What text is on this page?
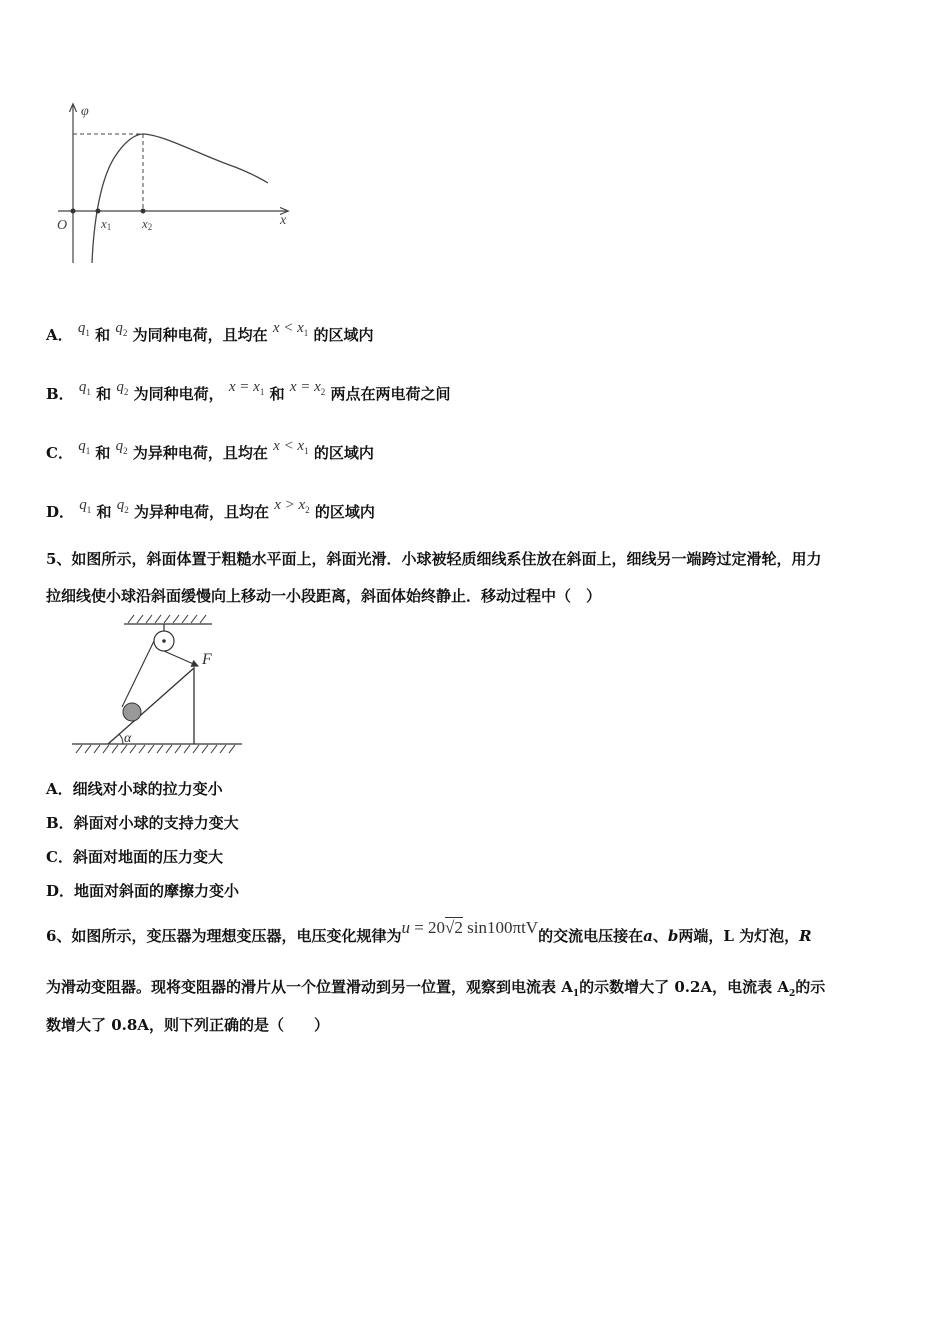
φ
O	x
x1 x2
A． $q_1$ 和 $q_2$ 为同种电荷，且均在 $x < x_1$ 的区域内
B． $q_1$ 和 $q_2$ 为同种电荷， $x = x_1$ 和 $x = x_2$ 两点在两电荷之间
C． $q_1$ 和 $q_2$ 为异种电荷，且均在 $x < x_1$ 的区域内
D． $q_1$ 和 $q_2$ 为异种电荷，且均在 $x > x_2$ 的区域内
5、如图所示，斜面体置于粗糙水平面上，斜面光滑．小球被轻质细线系住放在斜面上，细线另一端跨过定滑轮，用力
拉细线使小球沿斜面缓慢向上移动一小段距离，斜面体始终静止．移动过程中（　）
F
α
A．细线对小球的拉力变小
B．斜面对小球的支持力变大
C．斜面对地面的压力变大
D．地面对斜面的摩擦力变小
6、如图所示，变压器为理想变压器，电压变化规律为u = 20√2 sin100πtV的交流电压接在a、b两端，L 为灯泡，R
为滑动变阻器。现将变阻器的滑片从一个位置滑动到另一位置，观察到电流表 $A_1$的示数增大了 0.2A，电流表 $A_2$的示
数增大了 0.8A，则下列正确的是（　　）
